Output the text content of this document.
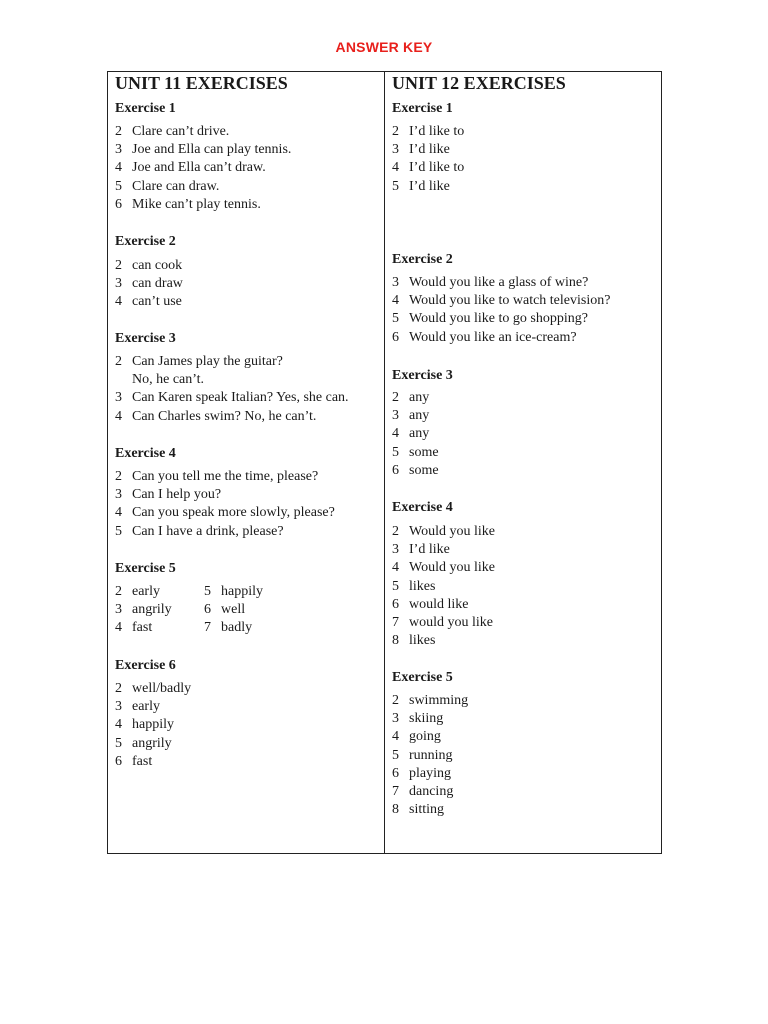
ANSWER KEY
UNIT 11 EXERCISES
Exercise 1
2 Clare can’t drive.
3 Joe and Ella can play tennis.
4 Joe and Ella can’t draw.
5 Clare can draw.
6 Mike can’t play tennis.
Exercise 2
2 can cook
3 can draw
4 can’t use
Exercise 3
2 Can James play the guitar?
No, he can’t.
3 Can Karen speak Italian? Yes, she can.
4 Can Charles swim? No, he can’t.
Exercise 4
2 Can you tell me the time, please?
3 Can I help you?
4 Can you speak more slowly, please?
5 Can I have a drink, please?
Exercise 5
2 early
3 angrily
4 fast
5 happily
6 well
7 badly
Exercise 6
2 well/badly
3 early
4 happily
5 angrily
6 fast
UNIT 12 EXERCISES
Exercise 1
2 I’d like to
3 I’d like
4 I’d like to
5 I’d like
Exercise 2
3 Would you like a glass of wine?
4 Would you like to watch television?
5 Would you like to go shopping?
6 Would you like an ice-cream?
Exercise 3
2 any
3 any
4 any
5 some
6 some
Exercise 4
2 Would you like
3 I’d like
4 Would you like
5 likes
6 would like
7 would you like
8 likes
Exercise 5
2 swimming
3 skiing
4 going
5 running
6 playing
7 dancing
8 sitting
